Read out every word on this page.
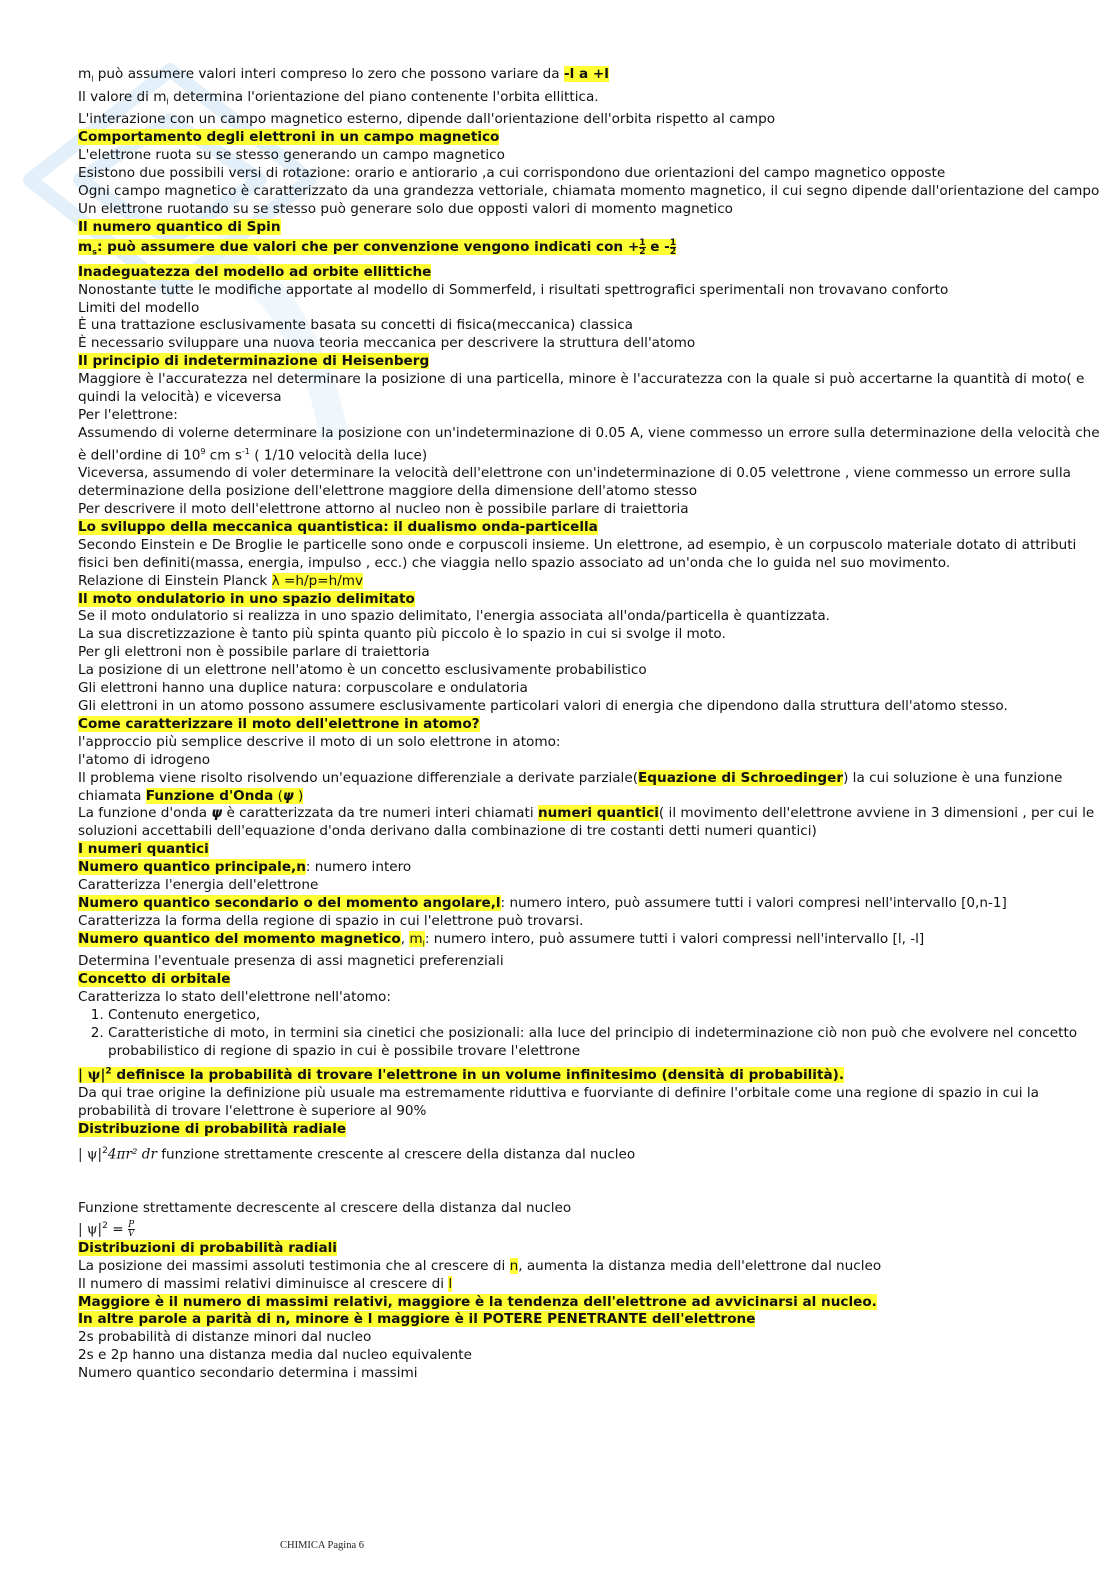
$m_l$ può assumere valori interi compreso lo zero che possono variare da -l a +l

Il valore di $m_l$ determina l'orientazione del piano contenente l'orbita ellittica.

L'interazione con un campo magnetico esterno, dipende dall'orientazione dell'orbita rispetto al campo

Comportamento degli elettroni in un campo magnetico

L'elettrone ruota su se stesso generando un campo magnetico

Esistono due possibili versi di rotazione: orario e antiorario ,a cui corrispondono due orientazioni del campo magnetico opposte

Ogni campo magnetico è caratterizzato da una grandezza vettoriale, chiamata momento magnetico, il cui segno dipende dall'orientazione del campo

Un elettrone ruotando su se stesso può generare solo due opposti valori di momento magnetico

Il numero quantico di Spin

$m_s$: può assumere due valori che per convenzione vengono indicati con + $\frac{1}{2}$ e - $\frac{1}{2}$

Inadeguatezza del modello ad orbite ellittiche

Nonostante tutte le modifiche apportate al modello di Sommerfeld, i risultati spettrografici sperimentali non trovavano conforto

Limiti del modello

È una trattazione esclusivamente basata su concetti di fisica(meccanica) classica

È necessario sviluppare una nuova teoria meccanica per descrivere la struttura dell'atomo

Il principio di indeterminazione di Heisenberg

Maggiore è l'accuratezza nel determinare la posizione di una particella, minore è l'accuratezza con la quale si può accertarne la quantità di moto( e quindi la velocità) e viceversa

Per l'elettrone:

Assumendo di volerne determinare la posizione con un'indeterminazione di 0.05 A, viene commesso un errore sulla determinazione della velocità che è dell'ordine di $10^9$ cm $s^{-1}$ ( 1/10 velocità della luce)

Viceversa, assumendo di voler determinare la velocità dell'elettrone con un'indeterminazione di 0.05 velettrone , viene commesso un errore sulla determinazione della posizione dell'elettrone maggiore della dimensione dell'atomo stesso

Per descrivere il moto dell'elettrone attorno al nucleo non è possibile parlare di traiettoria

Lo sviluppo della meccanica quantistica: il dualismo onda-particella

Secondo Einstein e De Broglie le particelle sono onde e corpuscoli insieme. Un elettrone, ad esempio, è un corpuscolo materiale dotato di attributi fisici ben definiti(massa, energia, impulso , ecc.) che viaggia nello spazio associato ad un'onda che lo guida nel suo movimento.

Relazione di Einstein Planck λ =h/p=h/mv

Il moto ondulatorio in uno spazio delimitato

Se il moto ondulatorio si realizza in uno spazio delimitato, l'energia associata all'onda/particella è quantizzata.

La sua discretizzazione è tanto più spinta quanto più piccolo è lo spazio in cui si svolge il moto.

Per gli elettroni non è possibile parlare di traiettoria

La posizione di un elettrone nell'atomo è un concetto esclusivamente probabilistico

Gli elettroni hanno una duplice natura: corpuscolare e ondulatoria

Gli elettroni in un atomo possono assumere esclusivamente particolari valori di energia che dipendono dalla struttura dell'atomo stesso.

Come caratterizzare il moto dell'elettrone in atomo?

l'approccio più semplice descrive il moto di un solo elettrone in atomo:

l'atomo di idrogeno

Il problema viene risolto risolvendo un'equazione differenziale a derivate parziale(Equazione di Schroedinger) la cui soluzione è una funzione chiamata Funzione d'Onda (ψ )

La funzione d'onda ψ è caratterizzata da tre numeri interi chiamati numeri quantici( il movimento dell'elettrone avviene in 3 dimensioni , per cui le soluzioni accettabili dell'equazione d'onda derivano dalla combinazione di tre costanti detti numeri quantici)

I numeri quantici

Numero quantico principale,n: numero intero

Caratterizza l'energia dell'elettrone

Numero quantico secondario o del momento angolare,l: numero intero, può assumere tutti i valori compresi nell'intervallo [0,n-1]

Caratterizza la forma della regione di spazio in cui l'elettrone può trovarsi.

Numero quantico del momento magnetico, $m_l$: numero intero, può assumere tutti i valori compressi nell'intervallo [l, -l]

Determina l'eventuale presenza di assi magnetici preferenziali

Concetto di orbitale

Caratterizza lo stato dell'elettrone nell'atomo:

1. Contenuto energetico,
2. Caratteristiche di moto, in termini sia cinetici che posizionali: alla luce del principio di indeterminazione ciò non può che evolvere nel concetto probabilistico di regione di spazio in cui è possibile trovare l'elettrone

| $\psi|^2$ definisce la probabilità di trovare l'elettrone in un volume infinitesimo (densità di probabilità).

Da qui trae origine la definizione più usuale ma estremamente riduttiva e fuorviante di definire l'orbitale come una regione di spazio in cui la probabilità di trovare l'elettrone è superiore al 90%

Distribuzione di probabilità radiale

| $\psi|^24\pi r^2$ dr funzione strettamente crescente al crescere della distanza dal nucleo

Funzione strettamente decrescente al crescere della distanza dal nucleo

| $\psi|^2 = \frac{P}{V}$

Distribuzioni di probabilità radiali

La posizione dei massimi assoluti testimonia che al crescere di n, aumenta la distanza media dell'elettrone dal nucleo

Il numero di massimi relativi diminuisce al crescere di l

Maggiore è il numero di massimi relativi, maggiore è la tendenza dell'elettrone ad avvicinarsi al nucleo.

In altre parole a parità di n, minore è l maggiore è il POTERE PENETRANTE dell'elettrone

2s probabilità di distanze minori dal nucleo

2s e 2p hanno una distanza media dal nucleo equivalente

Numero quantico secondario determina i massimi

CHIMICA Pagina 6
